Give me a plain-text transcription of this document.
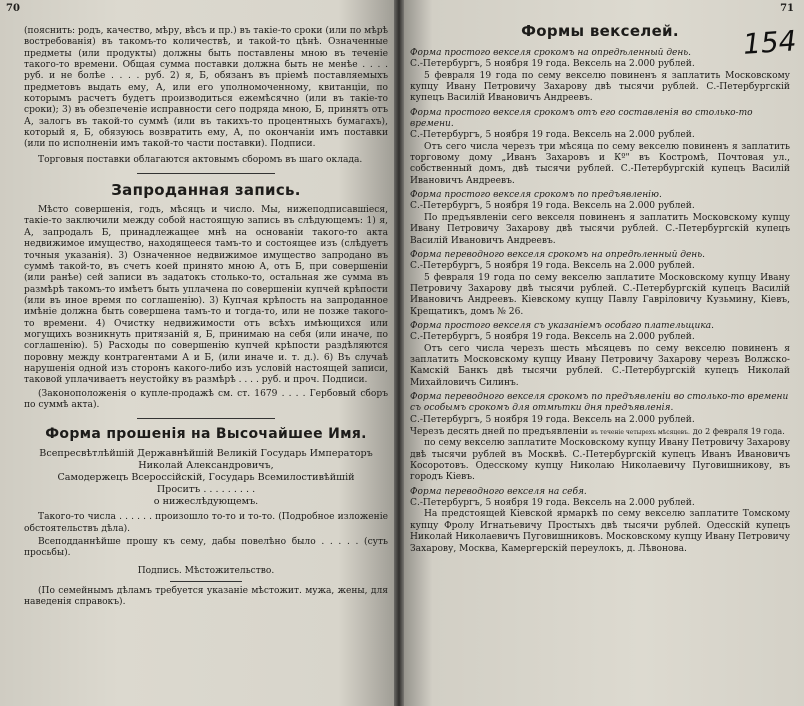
70

(поясн͏ить: родъ, качество, мѣру, вѣсъ и пр.) въ такіе-то сроки (или по мѣрѣ востребованія) въ такомъ-то количествѣ, и такой-то цѣнѣ. Означенные предметы (или продукты) должны быть поставлены мною въ теченіе такого-то времени. Общая сумма поставки должна быть не менѣе . . . . руб. и не болѣе . . . . руб. 2) я, Б, обязанъ въ пріемѣ поставляемыхъ предметовъ выдать ему, А, или его уполномоченному, квитанціи, по которымъ расчетъ будетъ производиться ежемѣсячно (или въ такіе-то сроки); 3) въ обезпеченіе исправности сего подряда мною, Б, принятъ отъ А, залогъ въ такой-то суммѣ (или въ такихъ-то процентныхъ бумагахъ), который я, Б, обязуюсь возвратить ему, А, по окончаніи имъ поставки (или по исполненіи имъ такой-то части поставки). Подписи.

Торговыя поставки облагаются актовымъ сборомъ въ шаго оклада.

Запроданная запись.

Мѣсто совершенія, годъ, мѣсяцъ и число. Мы, нижеподписавшіеся, такіе-то заключили между собой настоящую запись въ слѣдующемъ: 1) я, А, запродалъ Б, принадлежащее мнѣ на основаніи такого-то акта недвижимое имущество, находящееся тамъ-то и состоящее изъ (слѣдуетъ точныя указанія). 3) Означенное недвижимое имущество запродано въ суммѣ такой-то, въ счетъ коей принято мною А, отъ Б, при совершеніи (или ранѣе) сей записи въ задатокъ столько-то, остальная же сумма въ размѣрѣ такомъ-то имѣетъ быть уплачена по совершеніи купчей крѣпости (или въ иное время по соглашенію). 3) Купчая крѣпость на запроданное имѣніе должна быть совершена тамъ-то и тогда-то, или не позже такого-то времени. 4) Очистку недвижимости отъ всѣхъ имѣющихся или могущихъ возникнуть притязаній я, Б, принимаю на себя (или иначе, по соглашенію). 5) Расходы по совершенію купчей крѣпости раздѣляются поровну между контрагентами А и Б, (или иначе и. т. д.). 6) Въ случаѣ нарушенія одной изъ сторонъ какого-либо изъ условій настоящей записи, таковой уплачиваетъ неустойку въ размѣрѣ . . . . руб. и проч. Подписи.

(Законоположенія о купле-продажѣ см. ст. 1679 . . . . Гербовый сборъ по суммѣ акта).

Форма прошенія на Высочайшее Имя.

Всепресвѣтлѣйшій Державнѣйшій Великій Государь Императоръ

Николай Александровичъ,

Самодержецъ Всероссійскій, Государь Всемилостивѣйшій

Проситъ . . . . . . . . .

о нижеслѣдующемъ.

Такого-то числа . . . . . . произошло то-то и то-то. (Подробное изложеніе обстоятельствъ дѣла).

Всеподданнѣйше прошу къ сему, дабы повелѣно было . . . . . (суть просьбы).

Подпись. Мѣстожительство.

(По семейнымъ дѣламъ требуется указаніе мѣстожит. мужа, жены, для наведенія справокъ).

71
154
Формы векселей.

Форма простого векселя срокомъ на опредѣленный день.

С.-Петербургъ, 5 ноября 19 года. Вексель на 2.000 рублей.

5 февраля 19 года по сему векселю повиненъ я заплатить Московскому купцу Ивану Петровичу Захарову двѣ тысячи рублей. С.-Петербургскій купецъ Василій Ивановичъ Андреевъ.

Форма простого векселя срокомъ отъ его составленія во столько-то времени.

С.-Петербургъ, 5 ноября 19 года. Вексель на 2.000 рублей.

Отъ сего числа черезъ три мѣсяца по сему векселю повиненъ я заплатить торговому дому „Иванъ Захаровъ и Кº" въ Костромѣ, Почтовая ул., собственный домъ, двѣ тысячи рублей. С.-Петербургскій купецъ Василій Ивановичъ Андреевъ.

Форма простого векселя срокомъ по предъявленію.

С.-Петербургъ, 5 ноября 19 года. Вексель на 2.000 рублей.

По предъявленіи сего векселя повиненъ я заплатить Московскому купцу Ивану Петровичу Захарову двѣ тысячи рублей. С.-Петербургскій купецъ Василій Ивановичъ Андреевъ.

Форма переводного векселя срокомъ на опредѣленный день.

С.-Петербургъ, 5 ноября 19 года. Вексель на 2.000 рублей.

5 февраля 19 года по сему векселю заплатите Московскому купцу Ивану Петровичу Захарову двѣ тысячи рублей. С.-Петербургскій купецъ Василій Ивановичъ Андреевъ. Кіевскому купцу Павлу Гавріловичу Кузьмину, Кіевъ, Крещатикъ, домъ № 26.

Форма простого векселя съ указаніемъ особаго плательщика.

С.-Петербургъ, 5 ноября 19 года. Вексель на 2.000 рублей.

Отъ сего числа черезъ шесть мѣсяцевъ по сему векселю повиненъ я заплатить Московскому купцу Ивану Петровичу Захарову черезъ Волжско-Камскій Банкъ двѣ тысячи рублей. С.-Петербургскій купецъ Николай Михайловичъ Силинъ.

Форма переводного векселя срокомъ по предъявленіи во столько-то времени съ особымъ срокомъ для отмѣтки дня предъявленія.

С.-Петербургъ, 5 ноября 19 года. Вексель на 2.000 рублей.

Черезъ десять дней по предъявленіи въ теченіе четырехъ мѣсяцевъ. до 2 февраля 19 года.

по сему векселю заплатите Московскому купцу Ивану Петровичу Захарову двѣ тысячи рублей въ Москвѣ. С.-Петербургскій купецъ Иванъ Ивановичъ Косоротовъ. Одесскому купцу Николаю Николаевичу Пуговишникову, въ городъ Кіевъ.

Форма переводного векселя на себя.

С.-Петербургъ, 5 ноября 19 года. Вексель на 2.000 рублей.

На предстоящей Кіевской ярмаркѣ по сему векселю заплатите Томскому купцу Фролу Игнатьевичу Простыхъ двѣ тысячи рублей. Одесскій купецъ Николай Николаевичъ Пуговишниковъ. Московскому купцу Ивану Петровичу Захарову, Москва, Камергерскій переулокъ, д. Лѣвоновa.
